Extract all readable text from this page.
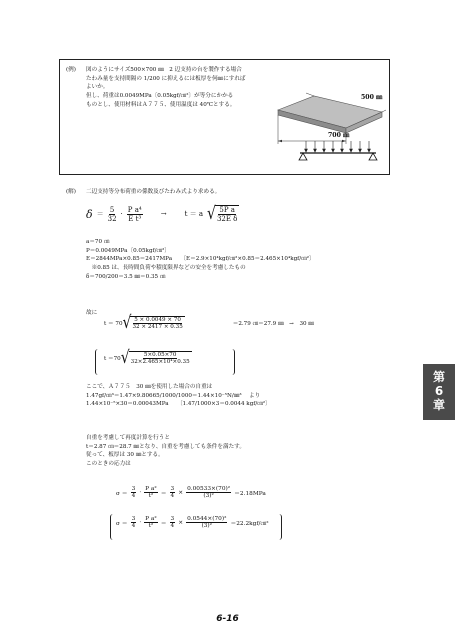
(例) 図のようにサイズ500×700 ㎜　2 辺支持の台を製作する場合
たわみ量を支持間隔の 1/200 に抑えるには板厚を何㎜にすれば
よいか。
但し、荷重は0.0049MPa〔0.05kgf/㎝²〕が等分にかかる
ものとし、使用材料はＡ７７５、使用温度は 40℃とする。
500 ㎜
700 ㎜
(解) 二辺支持等分布荷重の係数及びたわみ式より求める。
$\delta = \frac{5}{32} \cdot \frac{\text{P a⁴}}{\text{E t³}}$	→	t ＝ a √ $\frac{\text{5P a}}{\text{32E δ}}$
a＝70 ㎝
P＝0.0049MPa〔0.05kgf/㎝²〕
E＝2844MPa×0.85＝2417MPa　　〔E＝2.9×10⁴kgf/㎝²×0.85＝2.465×10⁴kgf/㎝²〕
　※0.85 は、長時間負荷や積度限界などの安全を考慮したもの
δ＝700/200＝3.5 ㎜＝0.35 ㎝
故に
t ＝ 70 √ $\frac{5 \times 0.0049 \times 70}{32 \times 2417 \times 0.35}$	＝2.79 ㎝＝27.9 ㎜　→　30 ㎜
t ＝70 √ $\frac{5\times 0.05\times 70}{\text{32×2.465×10⁴×0.35}}$
ここで、Ａ７７５　30 ㎜を使用した場合の自重は
1.47gf/㎝³＝1.47×9.80665/1000/1000＝1.44×10⁻⁵N/㎜³　 より
1.44×10⁻⁵×30＝0.00043MPa　　〔1.47/1000×3＝0.0044 kgf/㎝²〕
自重を考慮して再度計算を行うと
t＝2.87 ㎝＝28.7 ㎜となり、自重を考慮しても条件を満たす。
従って、板厚は 30 ㎜とする。
このときの応力は
$\sigma = \frac{3}{4} \cdot \frac{\text{P a²}}{\text{t²}} = \frac{3}{4} \times \frac{\text{0.00533×(70)²}}{\text{(3)²}} =2.18MPa$
$\sigma = \frac{3}{4} \cdot \frac{\text{P a²}}{\text{t²}} = \frac{3}{4} \times \frac{\text{0.0544×(70)²}}{\text{(3)²}}$ ＝22.2kgf/㎝²
第
6
章
6-16
